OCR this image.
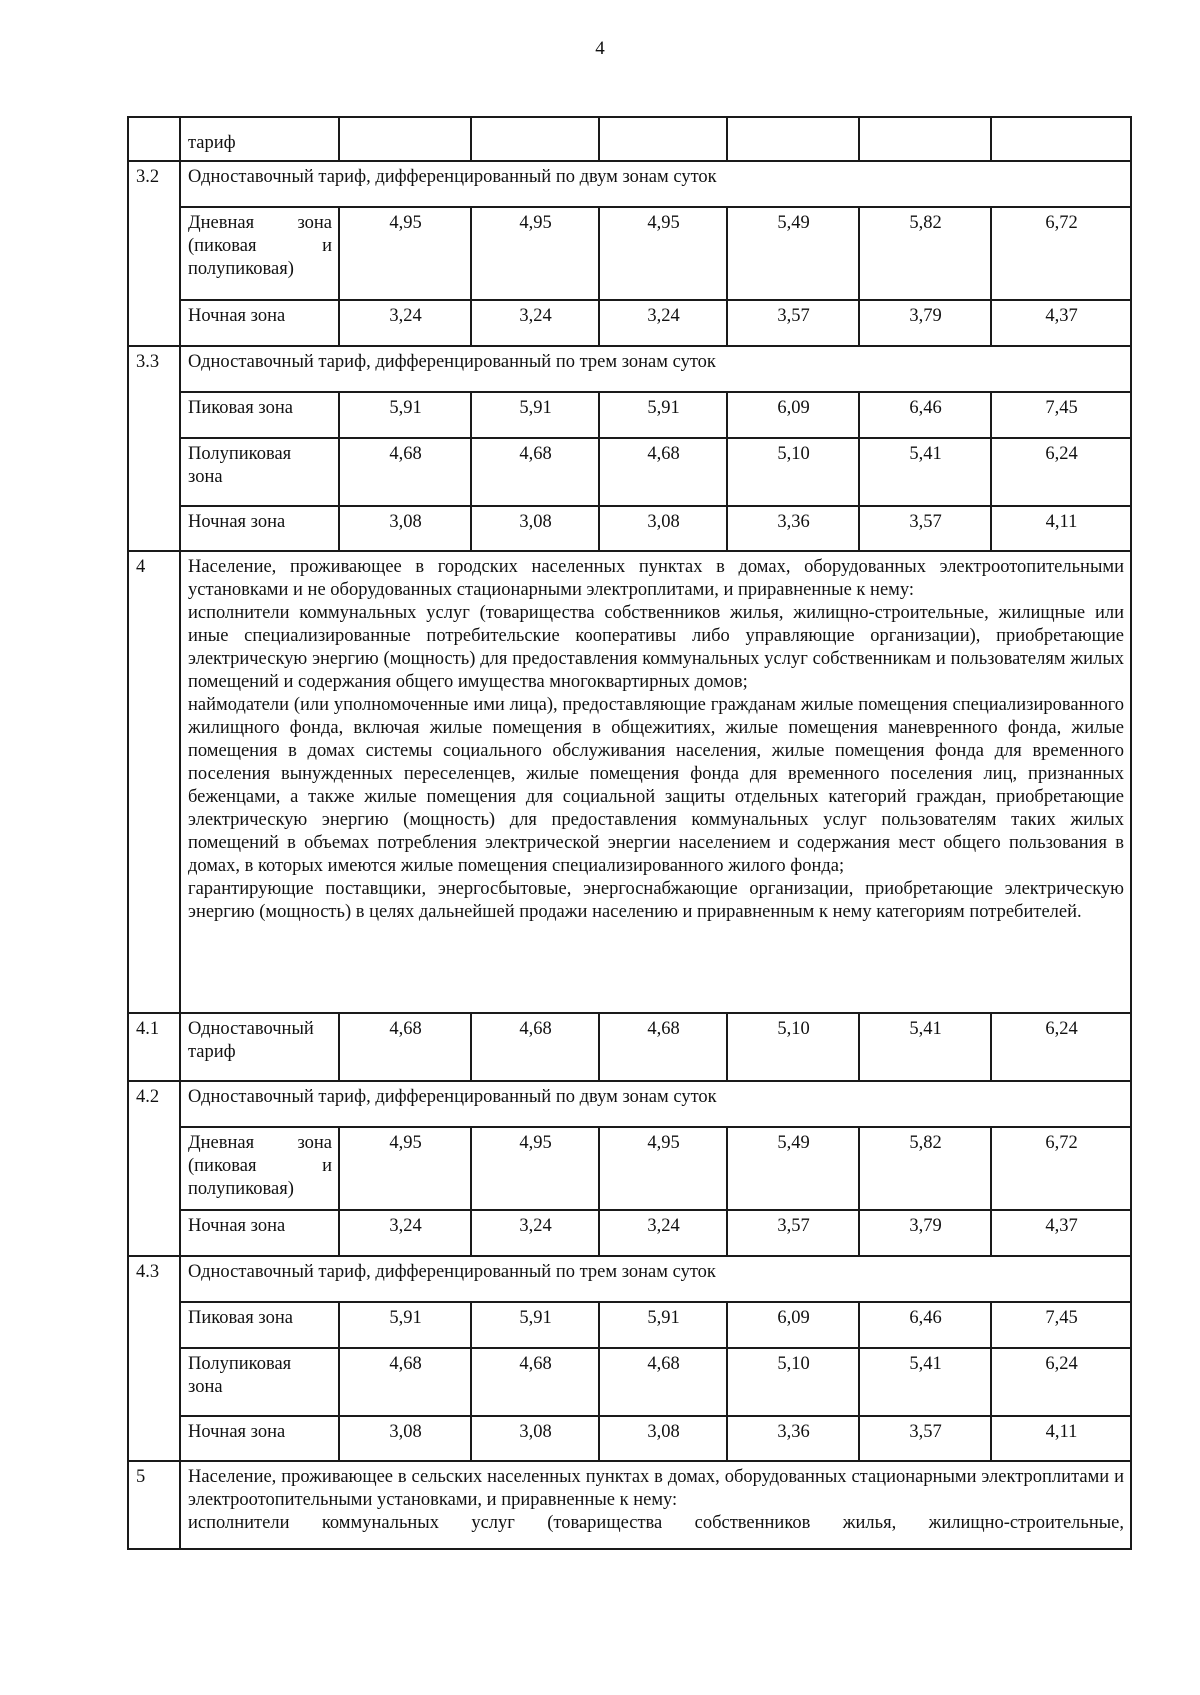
4
	тариф						
3.2	Одноставочный тариф, дифференцированный по двум зонам суток						

	Дневная зона
(пиковая и
полупиковая)	4,95	4,95	4,95	5,49	5,82	6,72
	Ночная зона	3,24	3,24	3,24	3,57	3,79	4,37
3.3	Одноставочный тариф, дифференцированный по трем зонам суток						
	Пиковая зона	5,91	5,91	5,91	6,09	6,46	7,45

	Полупиковая
зона	4,68	4,68	4,68	5,10	5,41	6,24
	Ночная зона	3,08	3,08	3,08	3,36	3,57	4,11
4	Население, проживающее в городских населенных пунктах в домах, оборудованных электроотопительными установками и не оборудованных стационарными электроплитами, и приравненные к нему:

исполнители коммунальных услуг (товарищества собственников жилья, жилищно-строительные, жилищные или иные специализированные потребительские кооперативы либо управляющие организации), приобретающие электрическую энергию (мощность) для предоставления коммунальных услуг собственникам и пользователям жилых помещений и содержания общего имущества многоквартирных домов;

наймодатели (или уполномоченные ими лица), предоставляющие гражданам жилые помещения специализированного жилищного фонда, включая жилые помещения в общежитиях, жилые помещения маневренного фонда, жилые помещения в домах системы социального обслуживания населения, жилые помещения фонда для временного поселения вынужденных переселенцев, жилые помещения фонда для временного поселения лиц, признанных беженцами, а также жилые помещения для социальной защиты отдельных категорий граждан, приобретающие электрическую энергию (мощность) для предоставления коммунальных услуг пользователям таких жилых помещений в объемах потребления электрической энергии населением и содержания мест общего пользования в домах, в которых имеются жилые помещения специализированного жилого фонда;

гарантирующие поставщики, энергосбытовые, энергоснабжающие организации, приобретающие электрическую энергию (мощность) в целях дальнейшей продажи населению и приравненным к нему категориям потребителей.						

4.1	Одноставочный
тариф	4,68	4,68	4,68	5,10	5,41	6,24
4.2	Одноставочный тариф, дифференцированный по двум зонам суток						

	Дневная зона
(пиковая и
полупиковая)	4,95	4,95	4,95	5,49	5,82	6,72
	Ночная зона	3,24	3,24	3,24	3,57	3,79	4,37
4.3	Одноставочный тариф, дифференцированный по трем зонам суток						
	Пиковая зона	5,91	5,91	5,91	6,09	6,46	7,45

	Полупиковая
зона	4,68	4,68	4,68	5,10	5,41	6,24
	Ночная зона	3,08	3,08	3,08	3,36	3,57	4,11
5	Население, проживающее в сельских населенных пунктах в домах, оборудованных стационарными электроплитами и электроотопительными установками, и приравненные к нему:

исполнители коммунальных услуг (товарищества собственников жилья, жилищно-строительные,						
